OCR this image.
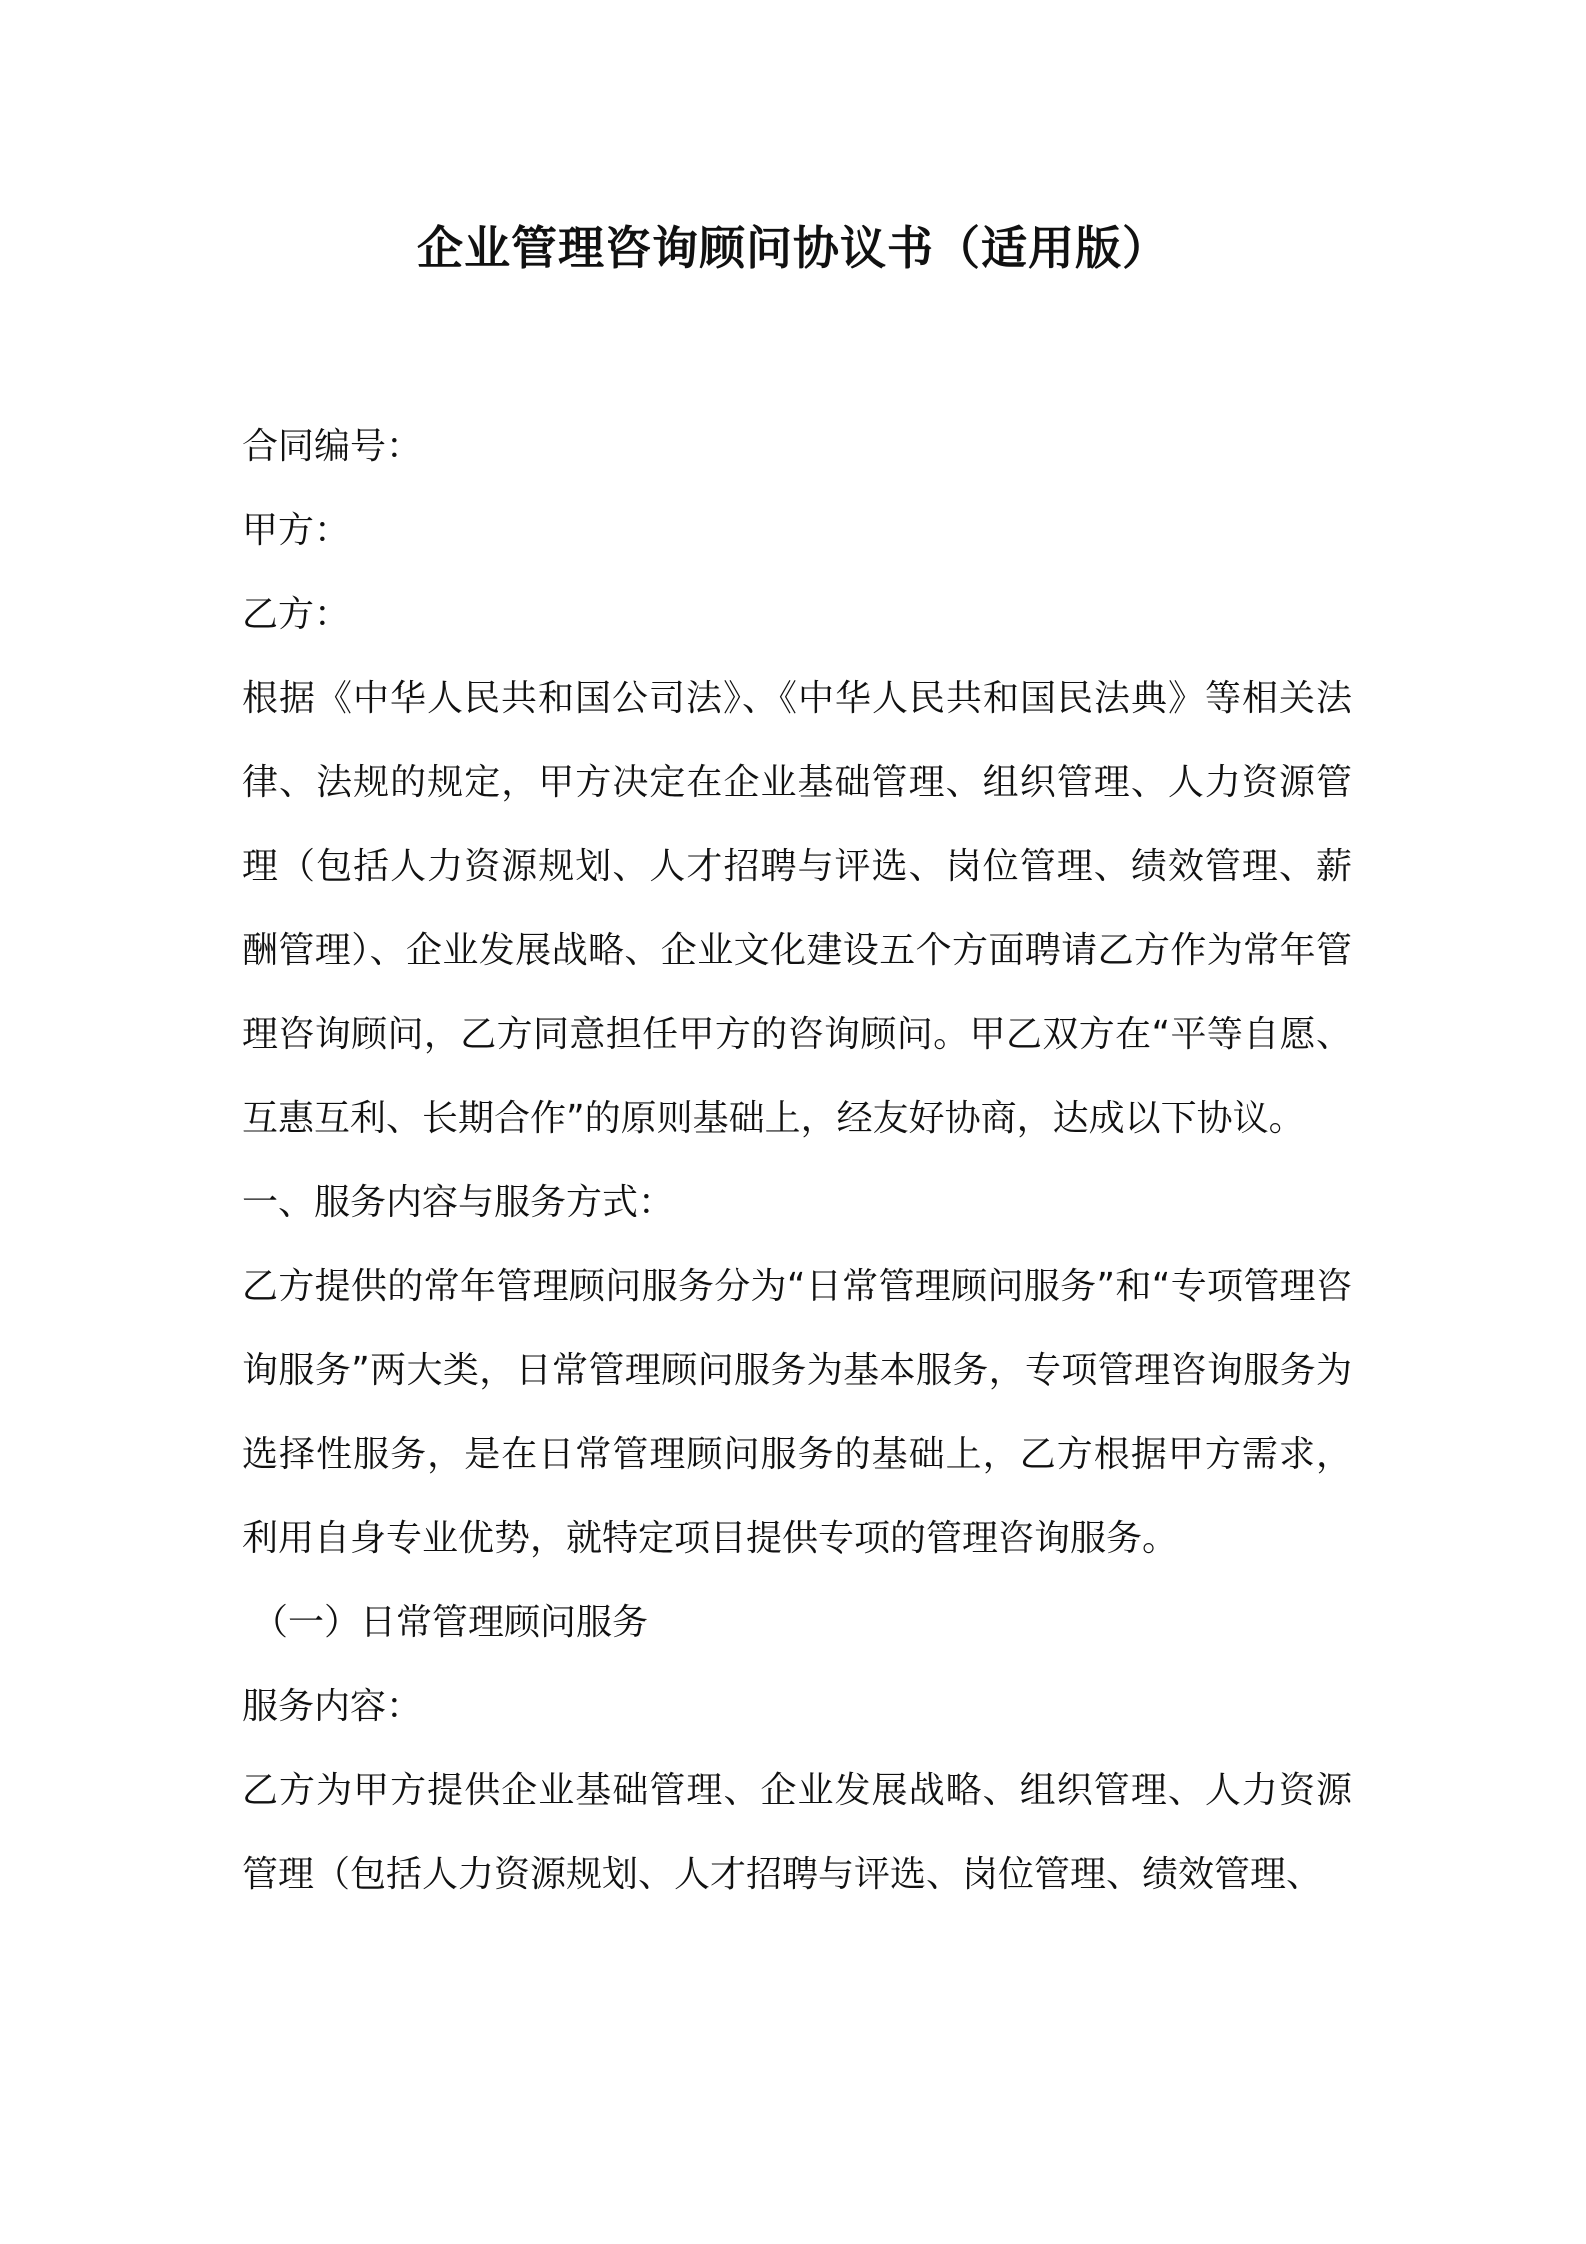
企业管理咨询顾问协议书（适用版）
合同编号：
甲方：
乙方：

根据《中华人民共和国公司法》、《中华人民共和国民法典》等相关法律、法规的规定，甲方决定在企业基础管理、组织管理、人力资源管理（包括人力资源规划、人才招聘与评选、岗位管理、绩效管理、薪酬管理）、企业发展战略、企业文化建设五个方面聘请乙方作为常年管理咨询顾问，乙方同意担任甲方的咨询顾问。甲乙双方在“平等自愿、互惠互利、长期合作”的原则基础上，经友好协商，达成以下协议。

一、服务内容与服务方式：

乙方提供的常年管理顾问服务分为“日常管理顾问服务”和“专项管理咨询服务”两大类，日常管理顾问服务为基本服务，专项管理咨询服务为选择性服务，是在日常管理顾问服务的基础上，乙方根据甲方需求，利用自身专业优势，就特定项目提供专项的管理咨询服务。

（一）日常管理顾问服务
服务内容：

乙方为甲方提供企业基础管理、企业发展战略、组织管理、人力资源管理（包括人力资源规划、人才招聘与评选、岗位管理、绩效管理、
